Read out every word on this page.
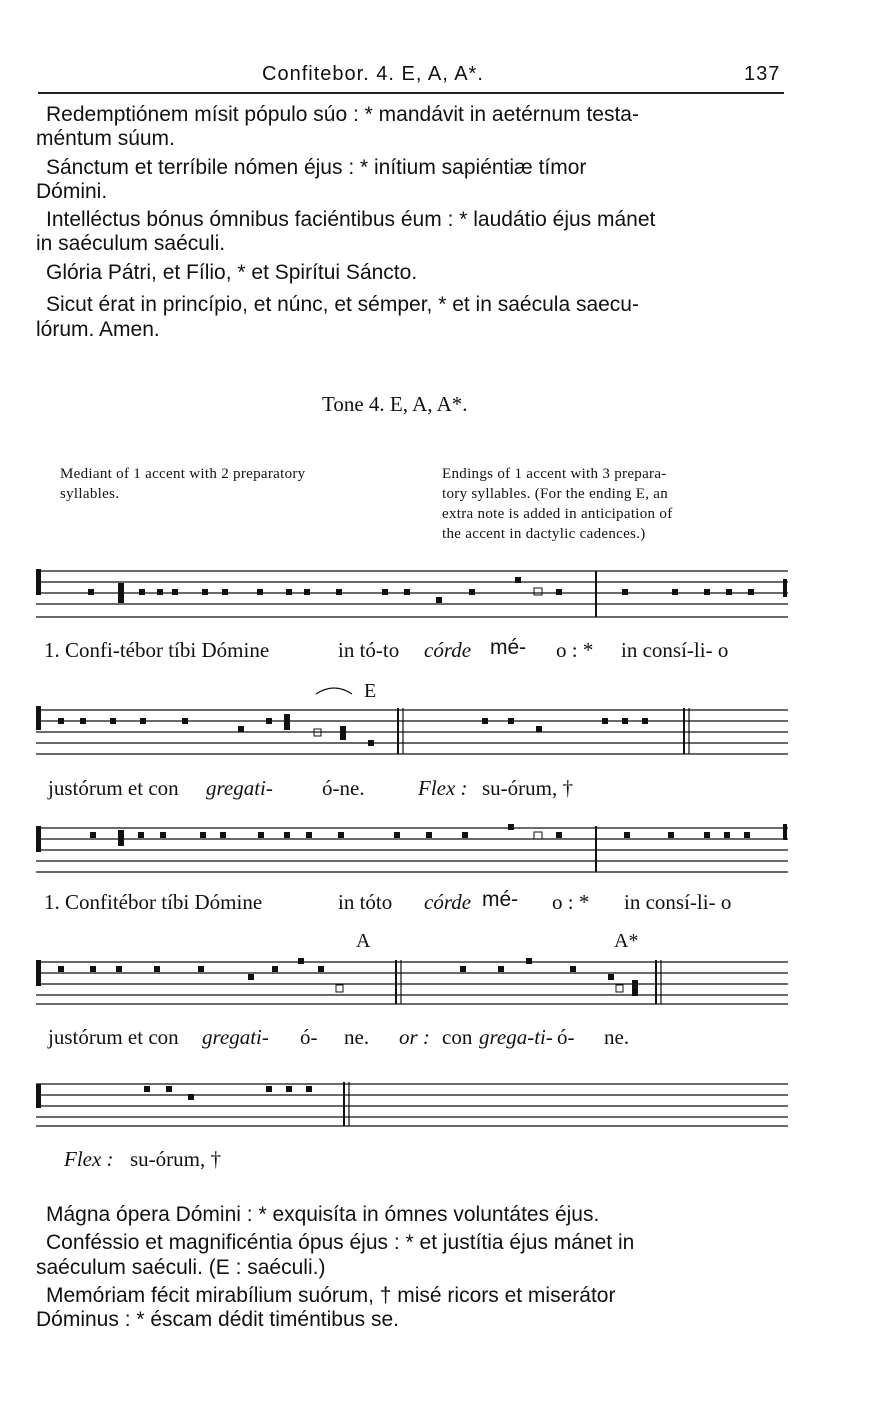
Confitebor. 4. E, A, A*.	137
Redemptiónem mísit pópulo súo : * mandávit in aetérnum testa-
méntum súum.
Sánctum et terríbile nómen éjus : * inítium sapiéntiæ tímor
Dómini.
Intelléctus bónus ómnibus faciéntibus éum : * laudátio éjus mánet
in saéculum saéculi.
Glória Pátri, et Fílio, * et Spirítui Sáncto.
Sicut érat in princípio, et núnc, et sémper, * et in saécula saecu-
lórum. Amen.
Tone 4. E, A, A*.
Mediant of 1 accent with 2 preparatory
syllables.
Endings of 1 accent with 3 prepara-
tory syllables. (For the ending E, an
extra note is added in anticipation of
the accent in dactylic cadences.)
1. Confi-tébor tíbi Dómine	in tó-to córde mé- o : * in consí-li- o
E
justórum et con gregati- ó-ne.	Flex : su-órum, †
1. Confitébor tíbi Dómine	in tóto córde mé- o : * in consí-li- o
A	A*
justórum et con gregati- ó- ne. or : con grega-ti- ó- ne.
Flex : su-órum, †
Mágna ópera Dómini : * exquisíta in ómnes voluntátes éjus.
Conféssio et magnificéntia ópus éjus : * et justítia éjus mánet in
saéculum saéculi. (E : saéculi.)
Memóriam fécit mirabílium suórum, † misé ricors et miserátor
Dóminus : * éscam dédit timéntibus se.
